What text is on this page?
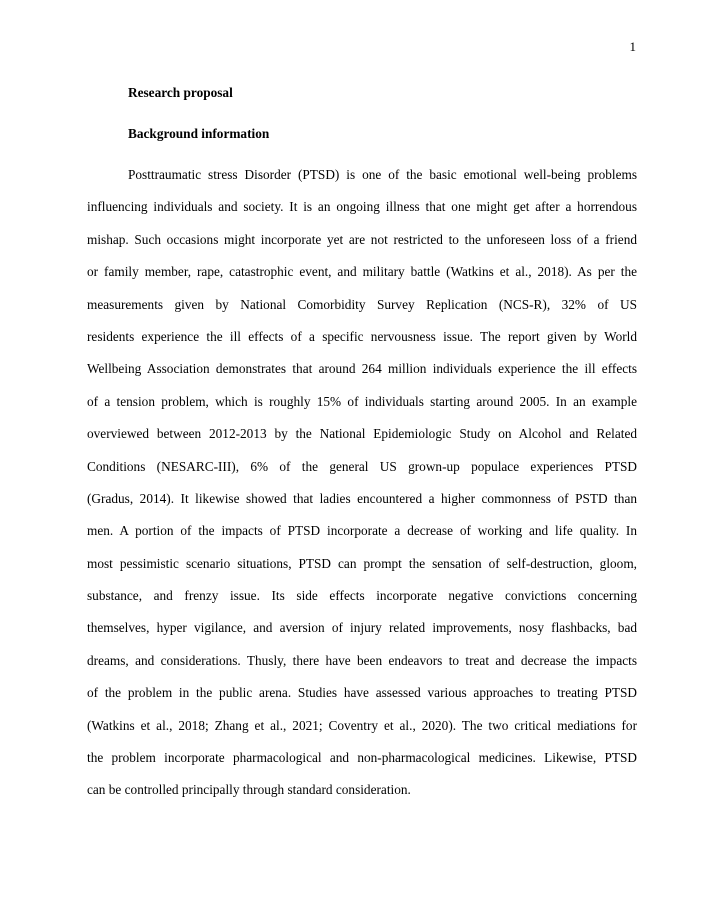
1
Research proposal
Background information
Posttraumatic stress Disorder (PTSD) is one of the basic emotional well-being problems
influencing individuals and society. It is an ongoing illness that one might get after a horrendous
mishap. Such occasions might incorporate yet are not restricted to the unforeseen loss of a friend
or family member, rape, catastrophic event, and military battle (Watkins et al., 2018). As per the
measurements given by National Comorbidity Survey Replication (NCS-R), 32% of US
residents experience the ill effects of a specific nervousness issue. The report given by World
Wellbeing Association demonstrates that around 264 million individuals experience the ill effects
of a tension problem, which is roughly 15% of individuals starting around 2005. In an example
overviewed between 2012-2013 by the National Epidemiologic Study on Alcohol and Related
Conditions (NESARC-III), 6% of the general US grown-up populace experiences PTSD
(Gradus, 2014). It likewise showed that ladies encountered a higher commonness of PSTD than
men. A portion of the impacts of PTSD incorporate a decrease of working and life quality. In
most pessimistic scenario situations, PTSD can prompt the sensation of self-destruction, gloom,
substance, and frenzy issue. Its side effects incorporate negative convictions concerning
themselves, hyper vigilance, and aversion of injury related improvements, nosy flashbacks, bad
dreams, and considerations. Thusly, there have been endeavors to treat and decrease the impacts
of the problem in the public arena. Studies have assessed various approaches to treating PTSD
(Watkins et al., 2018; Zhang et al., 2021; Coventry et al., 2020). The two critical mediations for
the problem incorporate pharmacological and non-pharmacological medicines. Likewise, PTSD
can be controlled principally through standard consideration.
